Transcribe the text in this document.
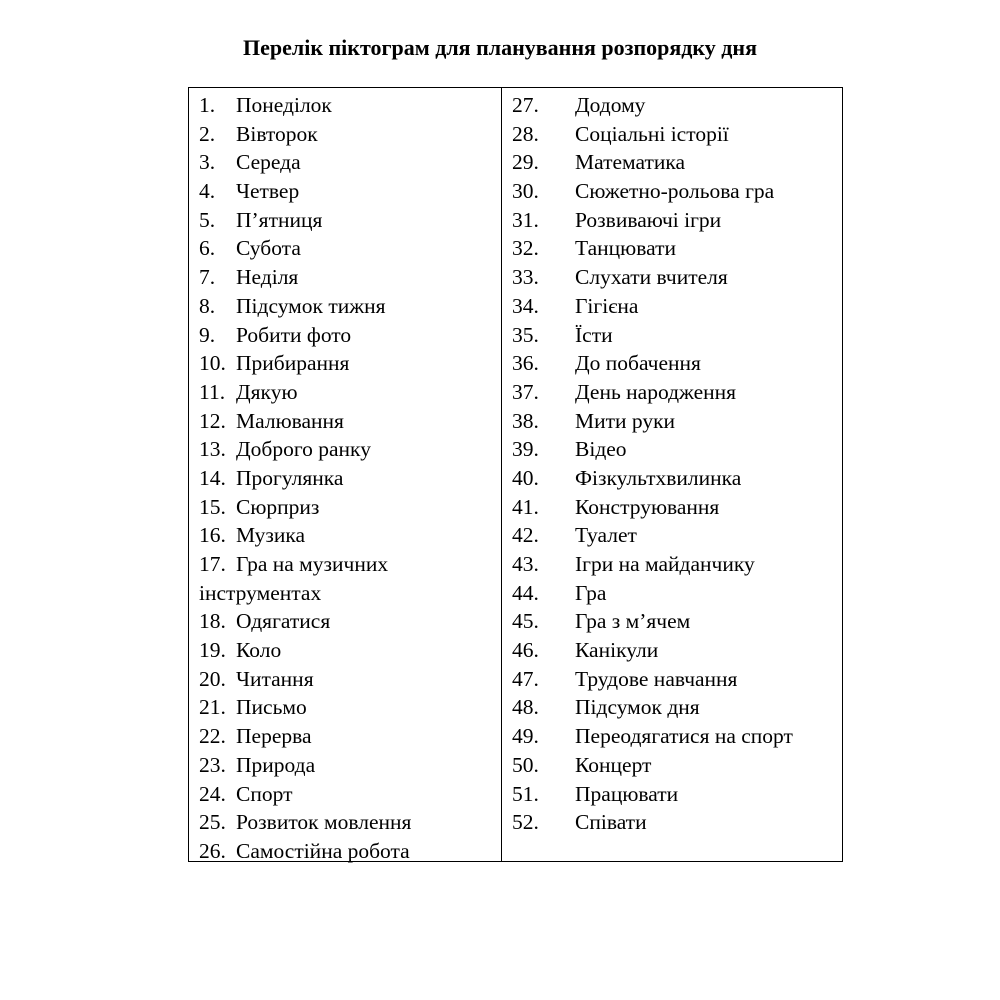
Перелік піктограм для планування розпорядку дня
1. Понеділок
2. Вівторок
3. Середа
4. Четвер
5. П’ятниця
6. Субота
7. Неділя
8. Підсумок тижня
9. Робити фото
10. Прибирання
11. Дякую
12. Малювання
13. Доброго ранку
14. Прогулянка
15. Сюрприз
16. Музика
17. Гра на музичних
інструментах
18. Одягатися
19. Коло
20. Читання
21. Письмо
22. Перерва
23. Природа
24. Спорт
25. Розвиток мовлення
26. Самостійна робота
27. Додому
28. Соціальні історії
29. Математика
30. Сюжетно-рольова гра
31. Розвиваючі ігри
32. Танцювати
33. Слухати вчителя
34. Гігієна
35. Їсти
36. До побачення
37. День народження
38. Мити руки
39. Відео
40. Фізкультхвилинка
41. Конструювання
42. Туалет
43. Ігри на майданчику
44. Гра
45. Гра з м’ячем
46. Канікули
47. Трудове навчання
48. Підсумок дня
49. Переодягатися на спорт
50. Концерт
51. Працювати
52. Співати
